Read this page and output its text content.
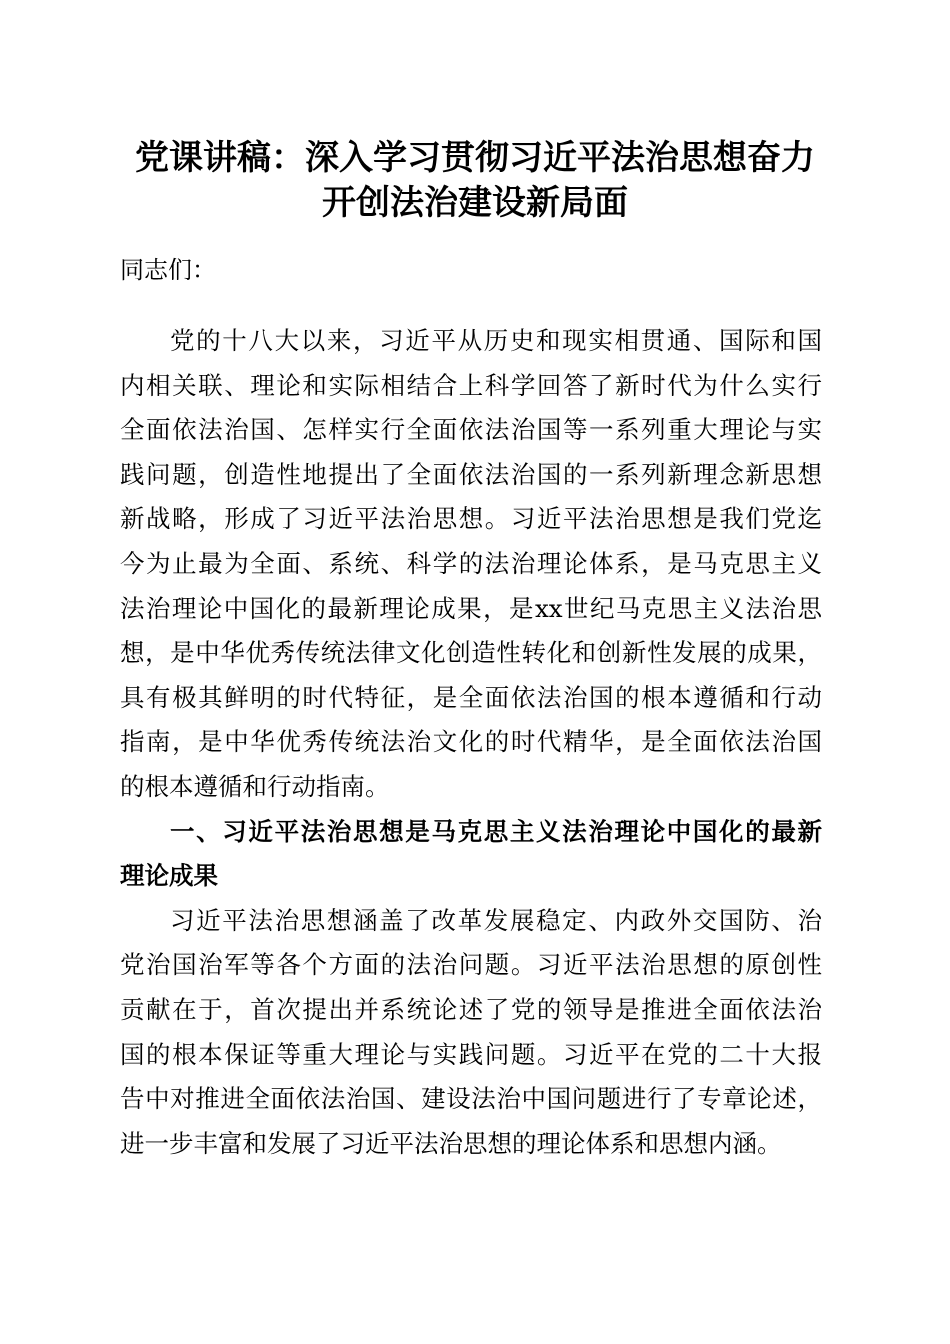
党课讲稿：深入学习贯彻习近平法治思想奋力
开创法治建设新局面
同志们：
党的十八大以来，习近平从历史和现实相贯通、国际和国
内相关联、理论和实际相结合上科学回答了新时代为什么实行
全面依法治国、怎样实行全面依法治国等一系列重大理论与实
践问题，创造性地提出了全面依法治国的一系列新理念新思想
新战略，形成了习近平法治思想。习近平法治思想是我们党迄
今为止最为全面、系统、科学的法治理论体系，是马克思主义
法治理论中国化的最新理论成果，是xx世纪马克思主义法治思
想，是中华优秀传统法律文化创造性转化和创新性发展的成果，
具有极其鲜明的时代特征，是全面依法治国的根本遵循和行动
指南，是中华优秀传统法治文化的时代精华，是全面依法治国
的根本遵循和行动指南。
一、习近平法治思想是马克思主义法治理论中国化的最新
理论成果
习近平法治思想涵盖了改革发展稳定、内政外交国防、治
党治国治军等各个方面的法治问题。习近平法治思想的原创性
贡献在于，首次提出并系统论述了党的领导是推进全面依法治
国的根本保证等重大理论与实践问题。习近平在党的二十大报
告中对推进全面依法治国、建设法治中国问题进行了专章论述，
进一步丰富和发展了习近平法治思想的理论体系和思想内涵。
